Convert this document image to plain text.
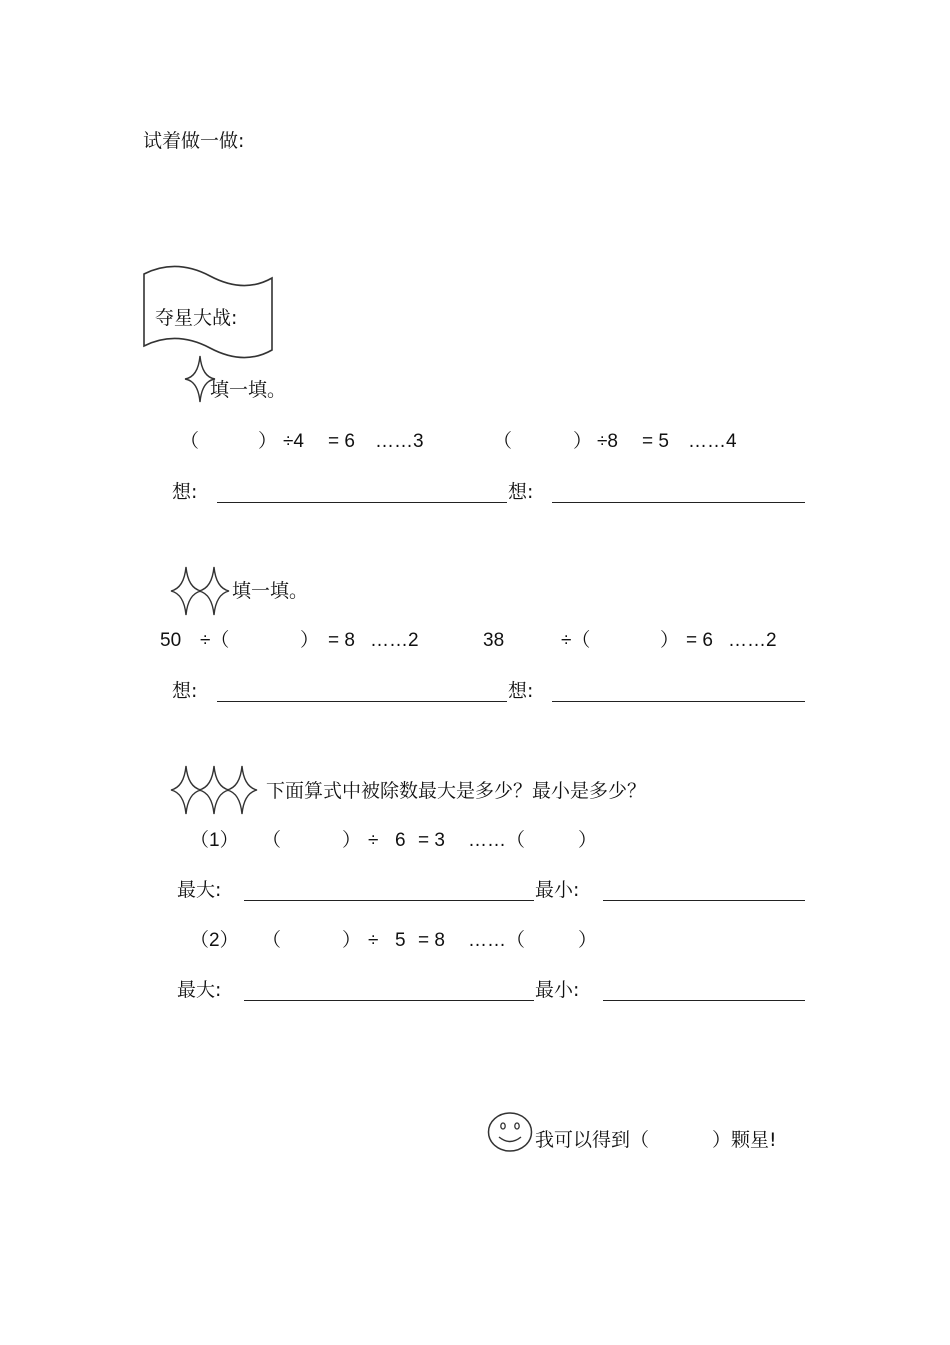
试着做一做:
夺星大战:
填一填。
（	） ÷4 = 6 ……3	（	） ÷8 = 5 ……4
想:	想:
填一填。
50 ÷（	） = 8 ……2	38	÷（	） = 6 ……2
想:	想:
下面算式中被除数最大是多少？最小是多少？
（1） （	） ÷ 6 = 3 ……（	）
最大:	最小:
（2） （	） ÷ 5 = 8 ……（	）
最大:	最小:
我可以得到（	）颗星!
